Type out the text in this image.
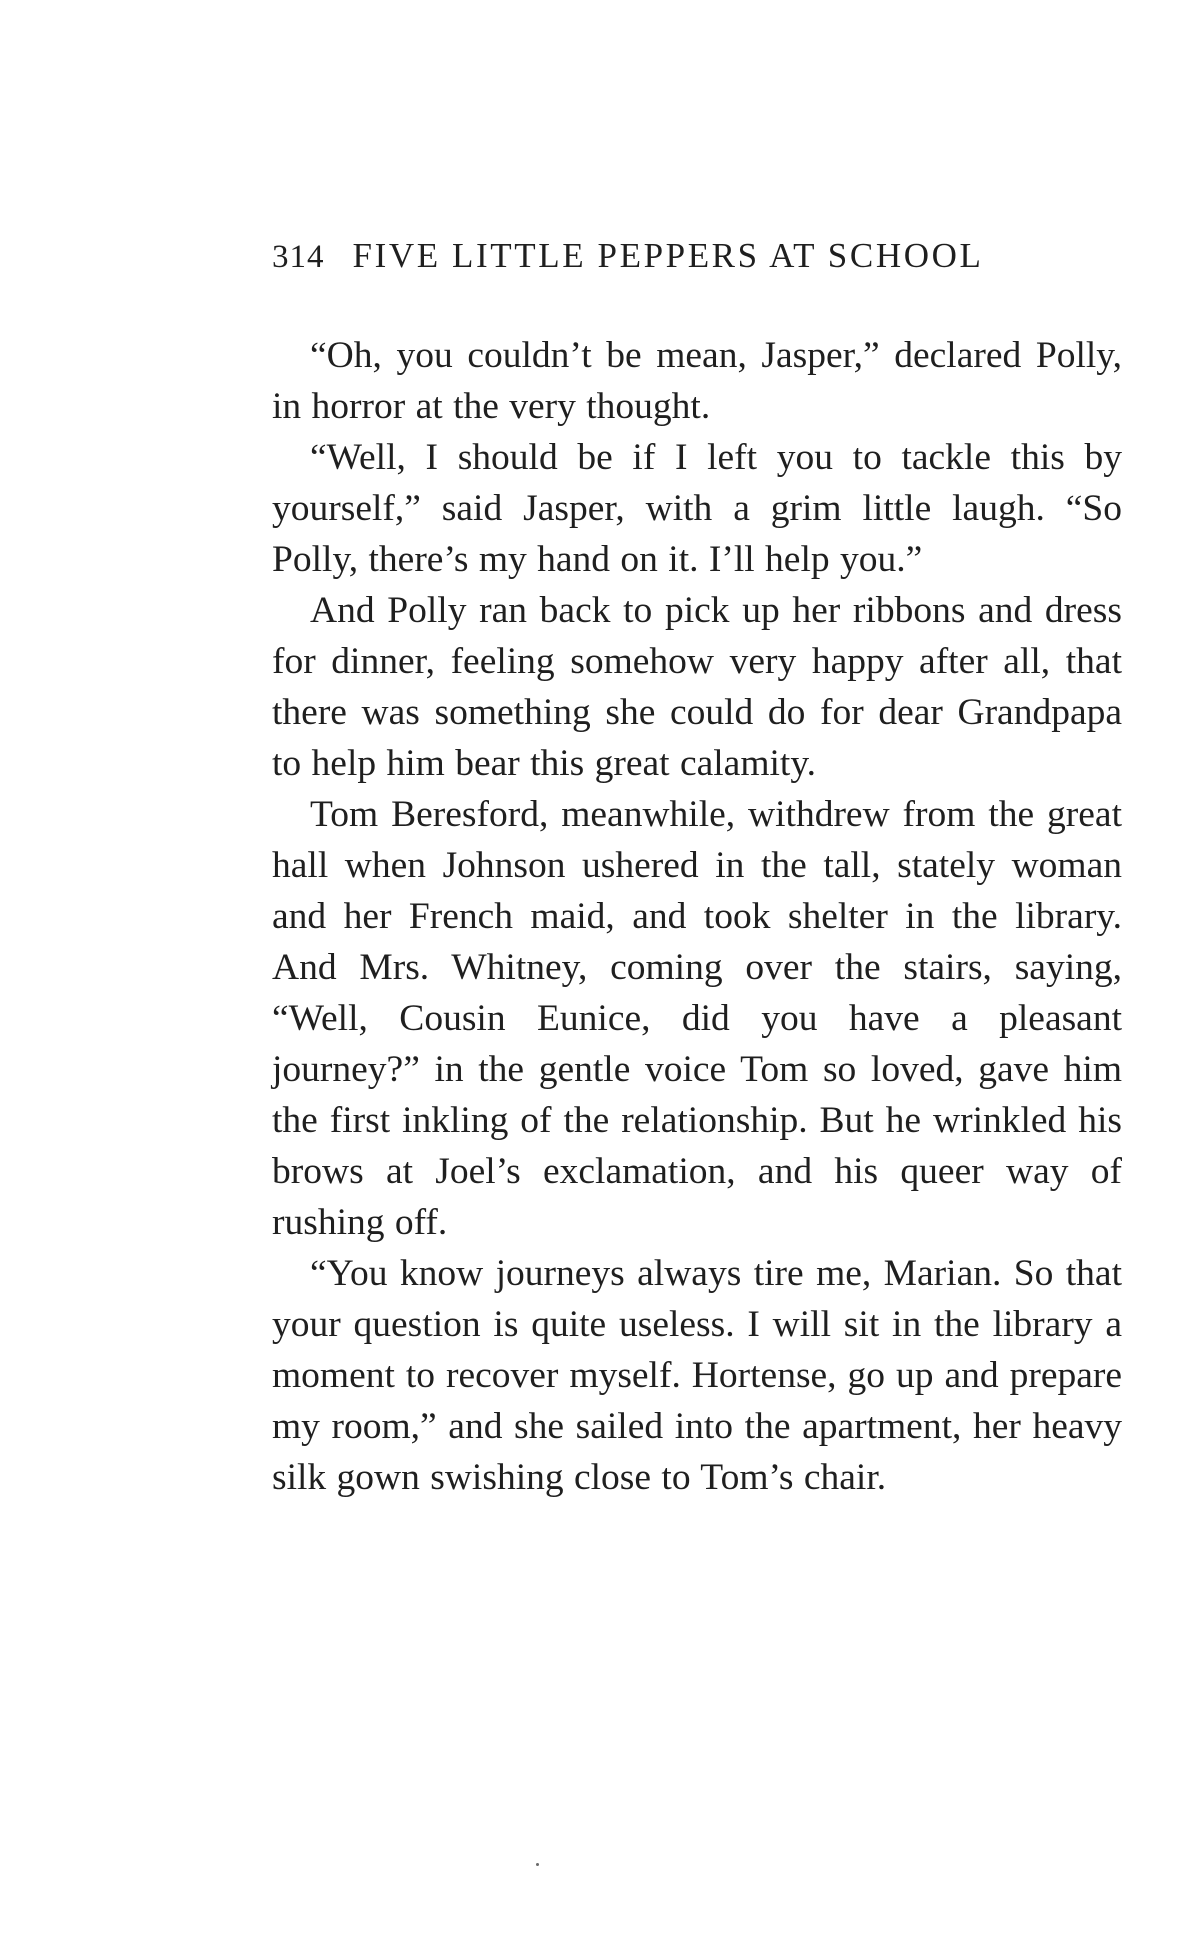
314 FIVE LITTLE PEPPERS AT SCHOOL

“Oh, you couldn’t be mean, Jasper,” declared Polly, in horror at the very thought.

“Well, I should be if I left you to tackle this by yourself,” said Jasper, with a grim little laugh. “So Polly, there’s my hand on it. I’ll help you.”

And Polly ran back to pick up her ribbons and dress for dinner, feeling somehow very happy after all, that there was something she could do for dear Grandpapa to help him bear this great calamity.

Tom Beresford, meanwhile, withdrew from the great hall when Johnson ushered in the tall, stately woman and her French maid, and took shelter in the library. And Mrs. Whitney, coming over the stairs, saying, “Well, Cousin Eunice, did you have a pleasant journey?” in the gentle voice Tom so loved, gave him the first inkling of the relationship. But he wrinkled his brows at Joel’s exclamation, and his queer way of rushing off.

“You know journeys always tire me, Marian. So that your question is quite useless. I will sit in the library a moment to recover myself. Hortense, go up and prepare my room,” and she sailed into the apartment, her heavy silk gown swishing close to Tom’s chair.
